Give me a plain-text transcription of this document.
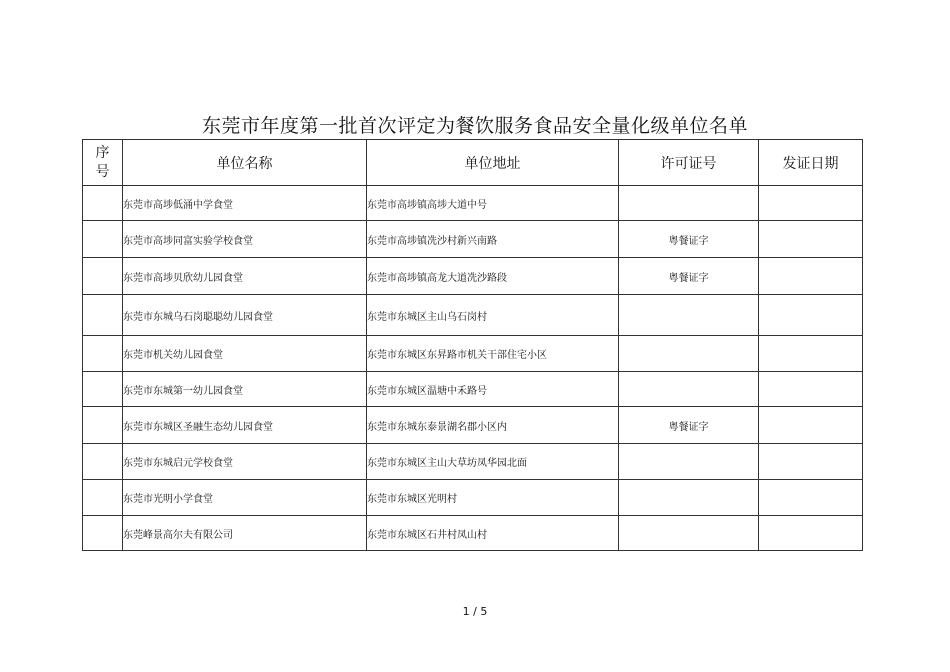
东莞市年度第一批首次评定为餐饮服务食品安全量化级单位名单
序
号	单位名称	单位地址	许可证号	发证日期
	东莞市高埗低涌中学食堂	东莞市高埗镇高埗大道中号		
	东莞市高埗同富实验学校食堂	东莞市高埗镇冼沙村新兴南路	粤餐证字	
	东莞市高埗贝欣幼儿园食堂	东莞市高埗镇高龙大道冼沙路段	粤餐证字	
	东莞市东城乌石岗聪聪幼儿园食堂	东莞市东城区主山乌石岗村		
	东莞市机关幼儿园食堂	东莞市东城区东昇路市机关干部住宅小区		
	东莞市东城第一幼儿园食堂	东莞市东城区温塘中禾路号		
	东莞市东城区圣融生态幼儿园食堂	东莞市东城东泰景湖名郡小区内	粤餐证字	
	东莞市东城启元学校食堂	东莞市东城区主山大草坊凤华园北面		
	东莞市光明小学食堂	东莞市东城区光明村		
	东莞峰景高尔夫有限公司	东莞市东城区石井村凤山村		
1 / 5
